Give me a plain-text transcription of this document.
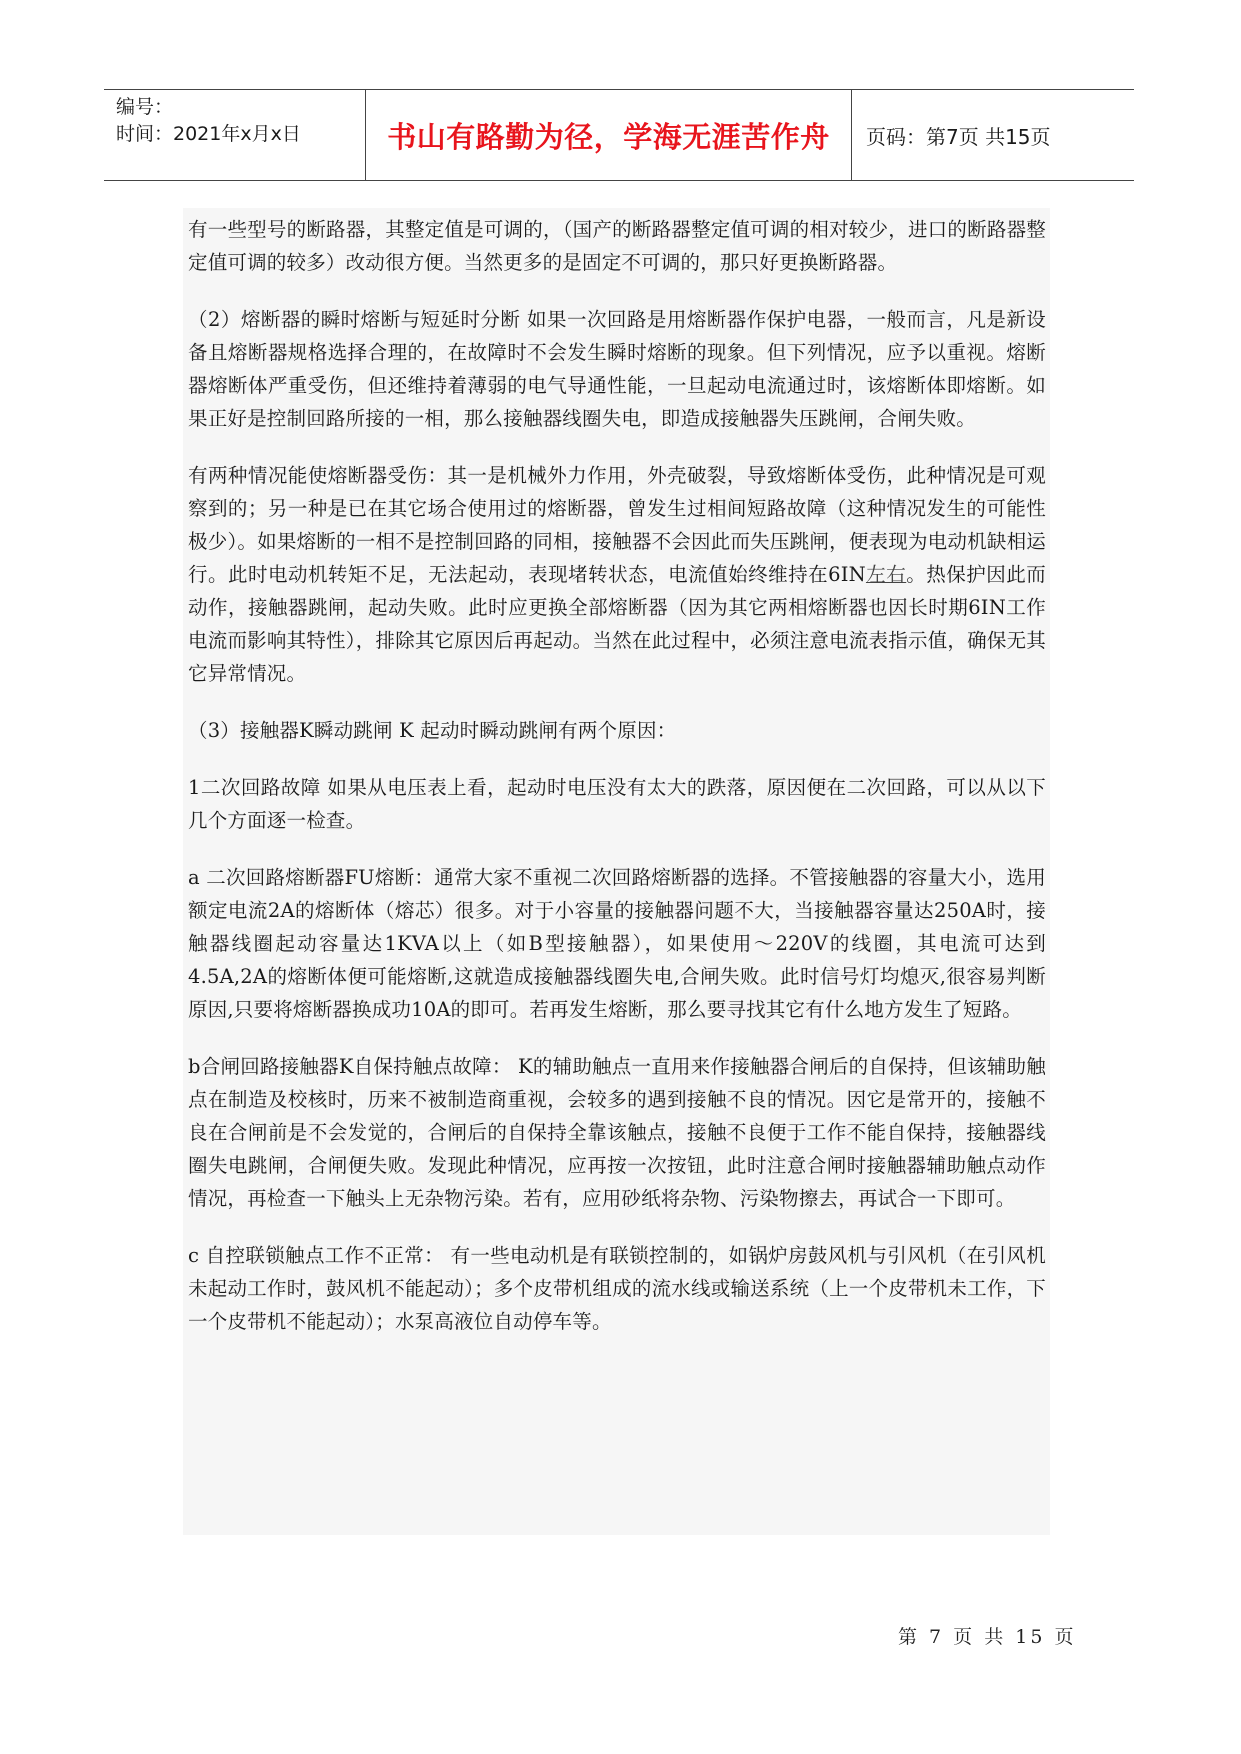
编号：
时间：2021年x月x日	书山有路勤为径，学海无涯苦作舟 页码：第7页 共15页

有一些型号的断路器，其整定值是可调的，（国产的断路器整定值可调的相对较少，进口的断路器整定值可调的较多）改动很方便。当然更多的是固定不可调的，那只好更换断路器。

（2）熔断器的瞬时熔断与短延时分断 如果一次回路是用熔断器作保护电器，一般而言，凡是新设备且熔断器规格选择合理的，在故障时不会发生瞬时熔断的现象。但下列情况，应予以重视。熔断器熔断体严重受伤，但还维持着薄弱的电气导通性能，一旦起动电流通过时，该熔断体即熔断。如果正好是控制回路所接的一相，那么接触器线圈失电，即造成接触器失压跳闸，合闸失败。

有两种情况能使熔断器受伤：其一是机械外力作用，外壳破裂，导致熔断体受伤，此种情况是可观察到的；另一种是已在其它场合使用过的熔断器，曾发生过相间短路故障（这种情况发生的可能性极少）。如果熔断的一相不是控制回路的同相，接触器不会因此而失压跳闸，便表现为电动机缺相运行。此时电动机转矩不足，无法起动，表现堵转状态，电流值始终维持在6IN左右。热保护因此而动作，接触器跳闸，起动失败。此时应更换全部熔断器（因为其它两相熔断器也因长时期6IN工作电流而影响其特性），排除其它原因后再起动。当然在此过程中，必须注意电流表指示值，确保无其它异常情况。

（3）接触器K瞬动跳闸 K 起动时瞬动跳闸有两个原因：

1二次回路故障 如果从电压表上看，起动时电压没有太大的跌落，原因便在二次回路，可以从以下几个方面逐一检查。

a 二次回路熔断器FU熔断：通常大家不重视二次回路熔断器的选择。不管接触器的容量大小，选用额定电流2A的熔断体（熔芯）很多。对于小容量的接触器问题不大，当接触器容量达250A时，接触器线圈起动容量达1KVA以上（如B型接触器），如果使用～220V的线圈，其电流可达到4.5A,2A的熔断体便可能熔断,这就造成接触器线圈失电,合闸失败。此时信号灯均熄灭,很容易判断原因,只要将熔断器换成功10A的即可。若再发生熔断，那么要寻找其它有什么地方发生了短路。

b合闸回路接触器K自保持触点故障： K的辅助触点一直用来作接触器合闸后的自保持，但该辅助触点在制造及校核时，历来不被制造商重视，会较多的遇到接触不良的情况。因它是常开的，接触不良在合闸前是不会发觉的，合闸后的自保持全靠该触点，接触不良便于工作不能自保持，接触器线圈失电跳闸，合闸便失败。发现此种情况，应再按一次按钮，此时注意合闸时接触器辅助触点动作情况，再检查一下触头上无杂物污染。若有，应用砂纸将杂物、污染物擦去，再试合一下即可。

c 自控联锁触点工作不正常： 有一些电动机是有联锁控制的，如锅炉房鼓风机与引风机（在引风机未起动工作时，鼓风机不能起动）；多个皮带机组成的流水线或输送系统（上一个皮带机未工作，下一个皮带机不能起动）；水泵高液位自动停车等。

第 7 页 共 15 页
